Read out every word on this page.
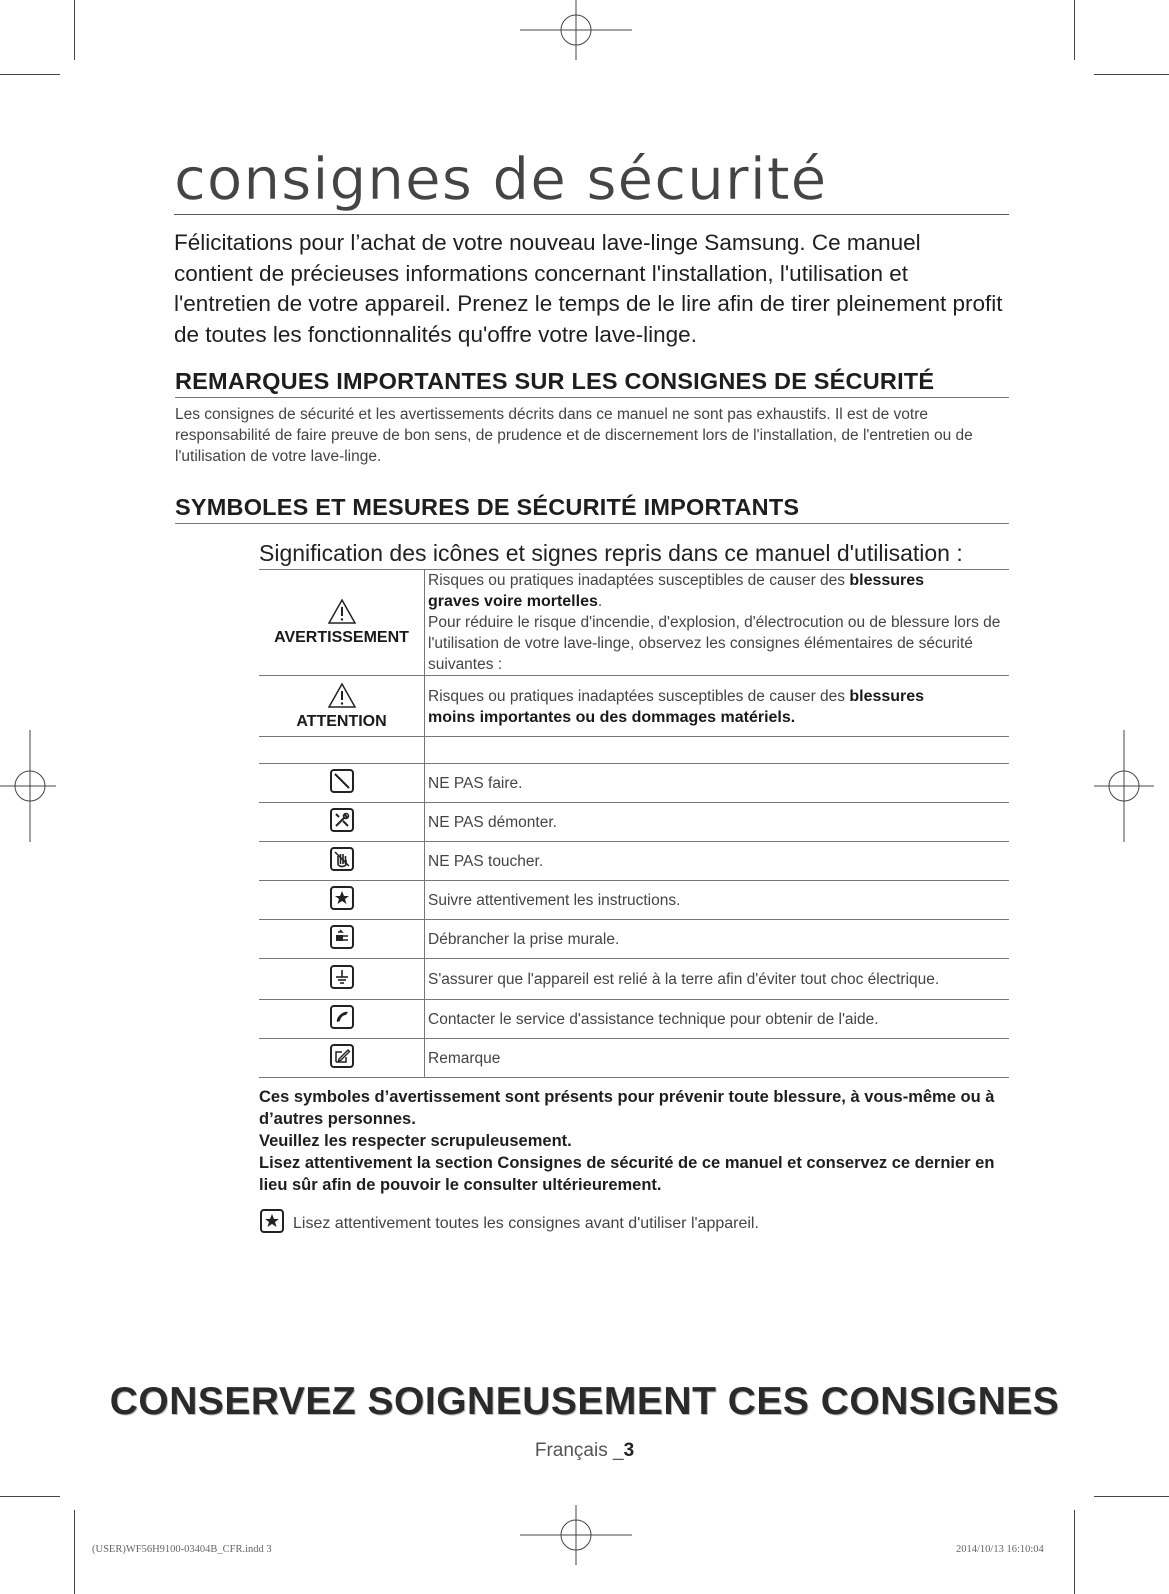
consignes de sécurité

Félicitations pour l’achat de votre nouveau lave-linge Samsung. Ce manuel contient de précieuses informations concernant l'installation, l'utilisation et l'entretien de votre appareil. Prenez le temps de le lire afin de tirer pleinement profit de toutes les fonctionnalités qu'offre votre lave-linge.

REMARQUES IMPORTANTES SUR LES CONSIGNES DE SÉCURITÉ

Les consignes de sécurité et les avertissements décrits dans ce manuel ne sont pas exhaustifs. Il est de votre responsabilité de faire preuve de bon sens, de prudence et de discernement lors de l'installation, de l'entretien ou de l'utilisation de votre lave-linge.

SYMBOLES ET MESURES DE SÉCURITÉ IMPORTANTS

Signification des icônes et signes repris dans ce manuel d'utilisation :

AVERTISSEMENT	Risques ou pratiques inadaptées susceptibles de causer des blessures
graves voire mortelles.
Pour réduire le risque d'incendie, d'explosion, d'électrocution ou de blessure lors de l'utilisation de votre lave-linge, observez les consignes élémentaires de sécurité suivantes :

ATTENTION	Risques ou pratiques inadaptées susceptibles de causer des blessures
moins importantes ou des dommages matériels.

	NE PAS faire.
	NE PAS démonter.
	NE PAS toucher.
	Suivre attentivement les instructions.
	Débrancher la prise murale.
	S'assurer que l'appareil est relié à la terre afin d'éviter tout choc électrique.
	Contacter le service d'assistance technique pour obtenir de l'aide.
	Remarque
Ces symboles d’avertissement sont présents pour prévenir toute blessure, à vous-même ou à d’autres personnes.
Veuillez les respecter scrupuleusement.
Lisez attentivement la section Consignes de sécurité de ce manuel et conservez ce dernier en lieu sûr afin de pouvoir le consulter ultérieurement.

Lisez attentivement toutes les consignes avant d'utiliser l'appareil.

CONSERVEZ SOIGNEUSEMENT CES CONSIGNES
Français _3
(USER)WF56H9100-03404B_CFR.indd 3	2014/10/13 16:10:04
